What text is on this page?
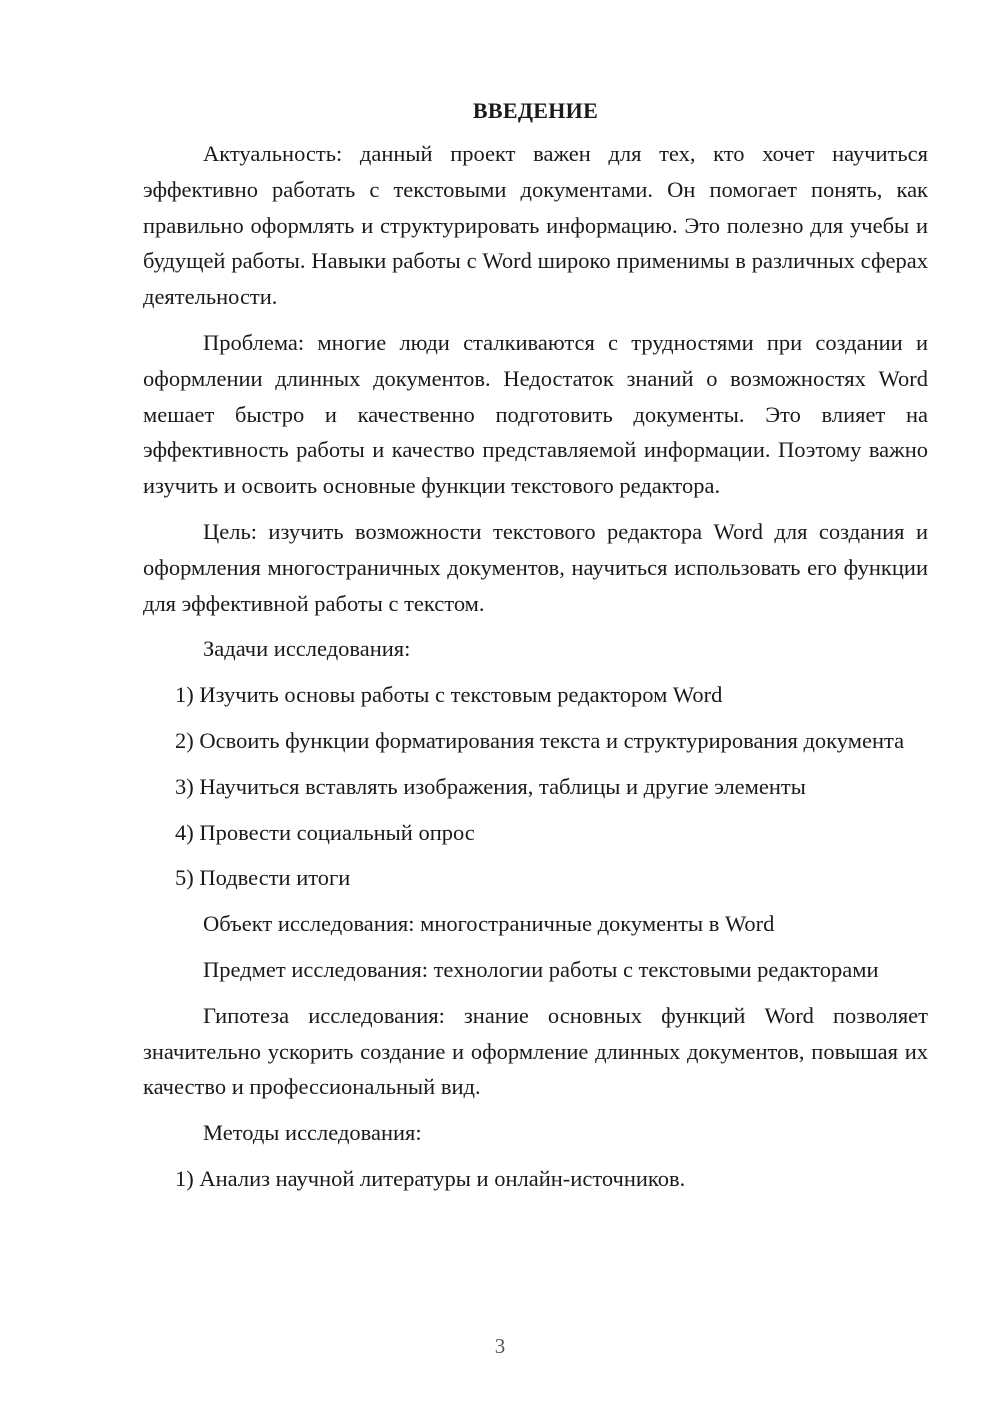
ВВЕДЕНИЕ

Актуальность: данный проект важен для тех, кто хочет научиться эффективно работать с текстовыми документами. Он помогает понять, как правильно оформлять и структурировать информацию. Это полезно для учебы и будущей работы. Навыки работы с Word широко применимы в различных сферах деятельности.

Проблема: многие люди сталкиваются с трудностями при создании и оформлении длинных документов. Недостаток знаний о возможностях Word мешает быстро и качественно подготовить документы. Это влияет на эффективность работы и качество представляемой информации. Поэтому важно изучить и освоить основные функции текстового редактора.

Цель: изучить возможности текстового редактора Word для создания и оформления многостраничных документов, научиться использовать его функции для эффективной работы с текстом.

Задачи исследования:

1) Изучить основы работы с текстовым редактором Word

2) Освоить функции форматирования текста и структурирования документа

3) Научиться вставлять изображения, таблицы и другие элементы

4) Провести социальный опрос

5) Подвести итоги

Объект исследования: многостраничные документы в Word

Предмет исследования: технологии работы с текстовыми редакторами

Гипотеза исследования: знание основных функций Word позволяет значительно ускорить создание и оформление длинных документов, повышая их качество и профессиональный вид.

Методы исследования:

1) Анализ научной литературы и онлайн-источников.

3
